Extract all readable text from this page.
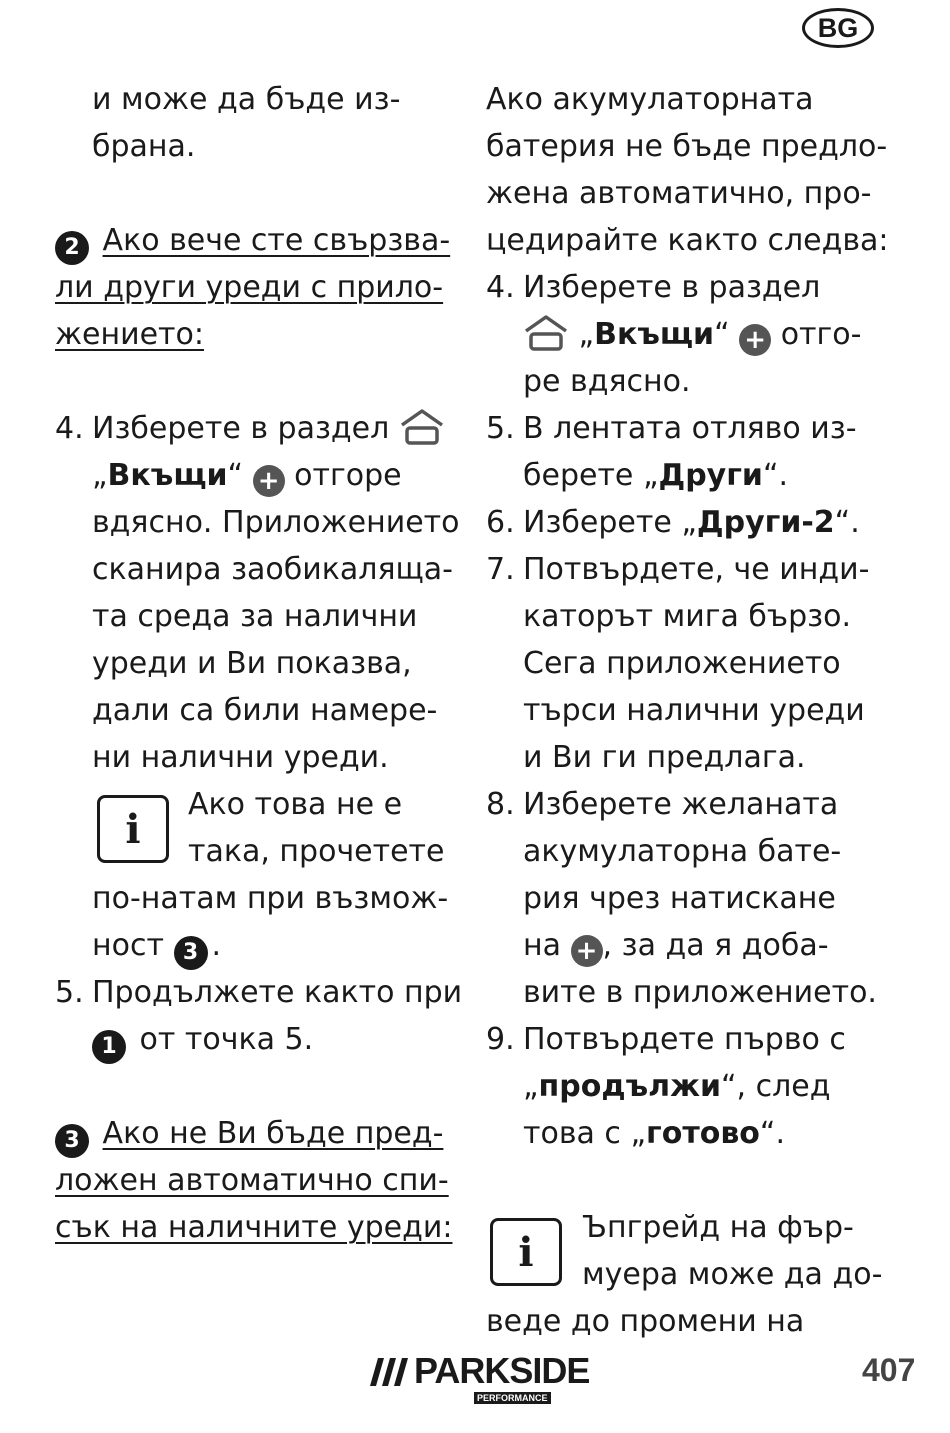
BG
и може да бъде из-
брана.
2 Ако вече сте свързва-
ли други уреди с прило-
жението:
4. Изберете в раздел
„Вкъщи“ + отгоре
вдясно. Приложението
сканира заобикаляща-
та среда за налични
уреди и Ви показва,
дали са били намере-
ни налични уреди.
i
Ако това не е
така, прочетете
по-натам при възмож-
ност 3 .
5. Продължете както при
1 от точка 5.
3 Ако не Ви бъде пред-
ложен автоматично спи-
сък на наличните уреди:
Ако акумулаторната
батерия не бъде предло-
жена автоматично, про-
цедирайте както следва:
4. Изберете в раздел
„Вкъщи“ + отго-
ре вдясно.
5. В лентата отляво из-
берете „Други“.
6. Изберете „Други-2“.
7. Потвърдете, че инди-
каторът мига бързо.
Сега приложението
търси налични уреди
и Ви ги предлага.
8. Изберете желаната
акумулаторна бате-
рия чрез натискане
на + , за да я доба-
вите в приложението.
9. Потвърдете първо с
„продължи“, след
това с „готово“.
i
Ъпгрейд на фър-
муера може да до-
веде до промени на
PARKSIDE
PERFORMANCE
407
